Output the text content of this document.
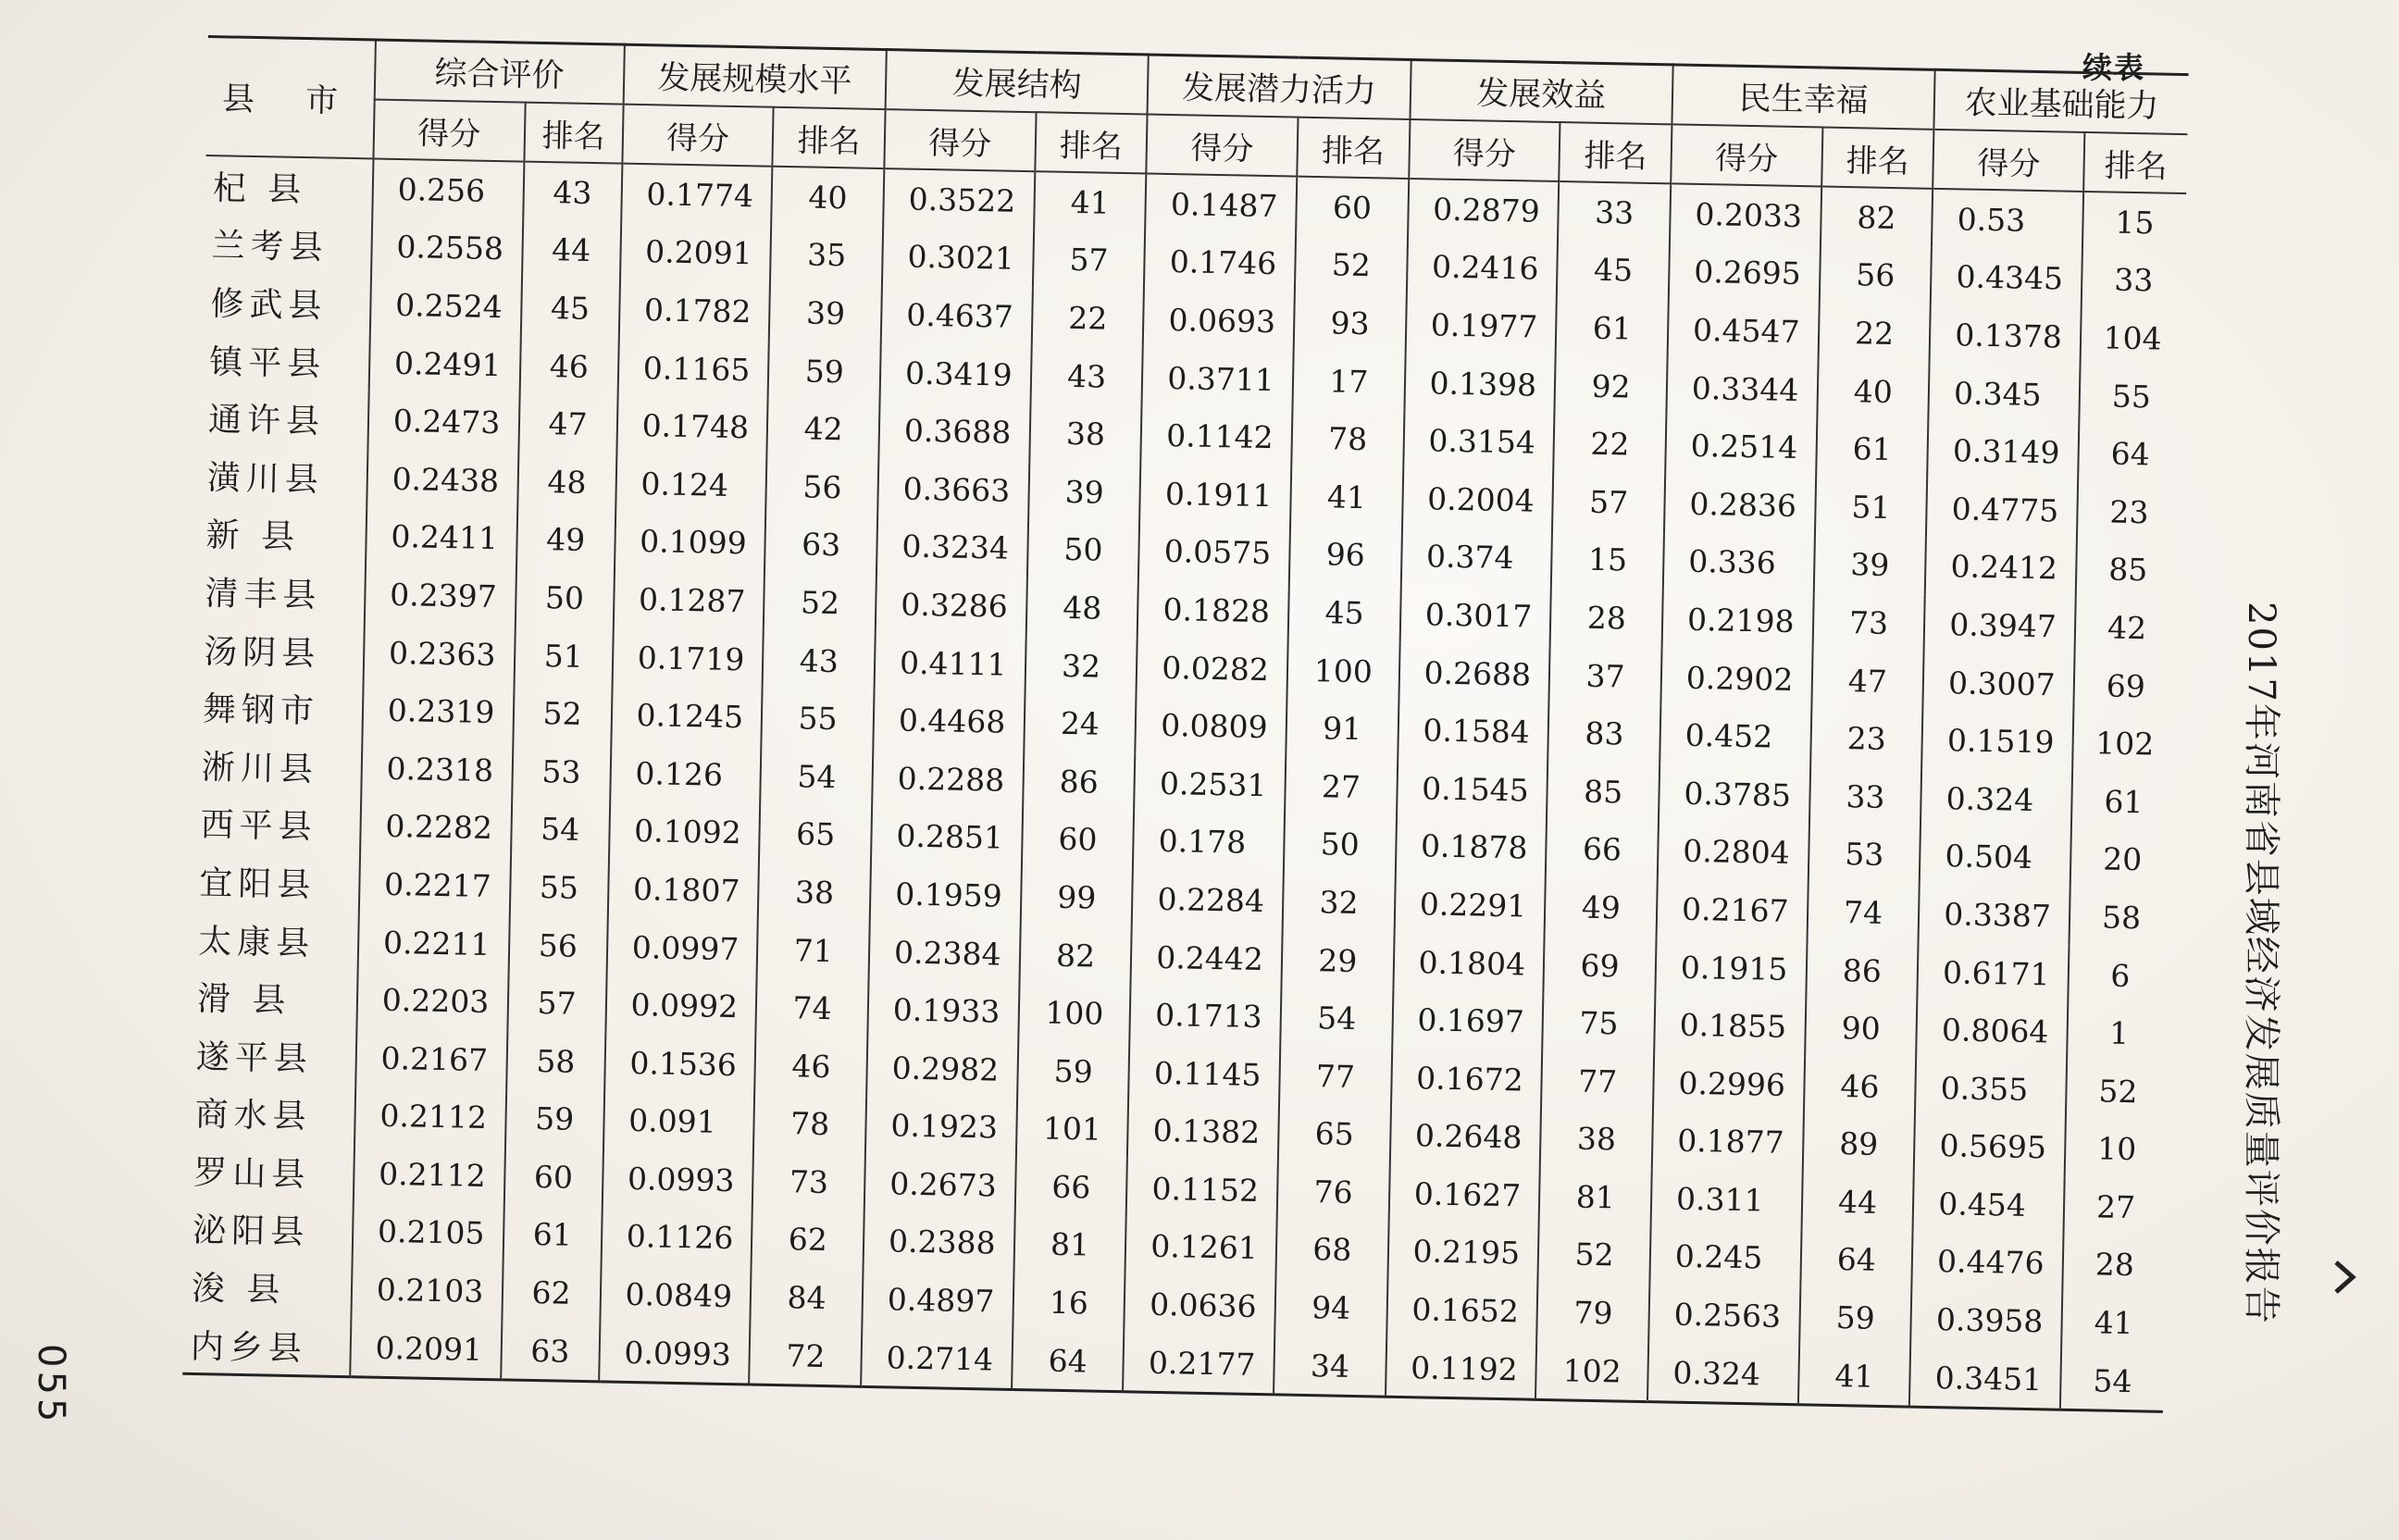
续表
县 市	综合评价		发展规模水平		发展结构		发展潜力活力		发展效益		民生幸福		农业基础能力	
	得分	排名	得分	排名	得分	排名	得分	排名	得分	排名	得分	排名	得分	排名
杞 县	0.256	43	0.1774	40	0.3522	41	0.1487	60	0.2879	33	0.2033	82	0.53	15
兰考县	0.2558	44	0.2091	35	0.3021	57	0.1746	52	0.2416	45	0.2695	56	0.4345	33
修武县	0.2524	45	0.1782	39	0.4637	22	0.0693	93	0.1977	61	0.4547	22	0.1378	104
镇平县	0.2491	46	0.1165	59	0.3419	43	0.3711	17	0.1398	92	0.3344	40	0.345	55
通许县	0.2473	47	0.1748	42	0.3688	38	0.1142	78	0.3154	22	0.2514	61	0.3149	64
潢川县	0.2438	48	0.124	56	0.3663	39	0.1911	41	0.2004	57	0.2836	51	0.4775	23
新 县	0.2411	49	0.1099	63	0.3234	50	0.0575	96	0.374	15	0.336	39	0.2412	85
清丰县	0.2397	50	0.1287	52	0.3286	48	0.1828	45	0.3017	28	0.2198	73	0.3947	42
汤阴县	0.2363	51	0.1719	43	0.4111	32	0.0282	100	0.2688	37	0.2902	47	0.3007	69
舞钢市	0.2319	52	0.1245	55	0.4468	24	0.0809	91	0.1584	83	0.452	23	0.1519	102
淅川县	0.2318	53	0.126	54	0.2288	86	0.2531	27	0.1545	85	0.3785	33	0.324	61
西平县	0.2282	54	0.1092	65	0.2851	60	0.178	50	0.1878	66	0.2804	53	0.504	20
宜阳县	0.2217	55	0.1807	38	0.1959	99	0.2284	32	0.2291	49	0.2167	74	0.3387	58
太康县	0.2211	56	0.0997	71	0.2384	82	0.2442	29	0.1804	69	0.1915	86	0.6171	6
滑 县	0.2203	57	0.0992	74	0.1933	100	0.1713	54	0.1697	75	0.1855	90	0.8064	1
遂平县	0.2167	58	0.1536	46	0.2982	59	0.1145	77	0.1672	77	0.2996	46	0.355	52
商水县	0.2112	59	0.091	78	0.1923	101	0.1382	65	0.2648	38	0.1877	89	0.5695	10
罗山县	0.2112	60	0.0993	73	0.2673	66	0.1152	76	0.1627	81	0.311	44	0.454	27
泌阳县	0.2105	61	0.1126	62	0.2388	81	0.1261	68	0.2195	52	0.245	64	0.4476	28
浚 县	0.2103	62	0.0849	84	0.4897	16	0.0636	94	0.1652	79	0.2563	59	0.3958	41
内乡县	0.2091	63	0.0993	72	0.2714	64	0.2177	34	0.1192	102	0.324	41	0.3451	54
2017年河南省县域经济发展质量评价报告
055
